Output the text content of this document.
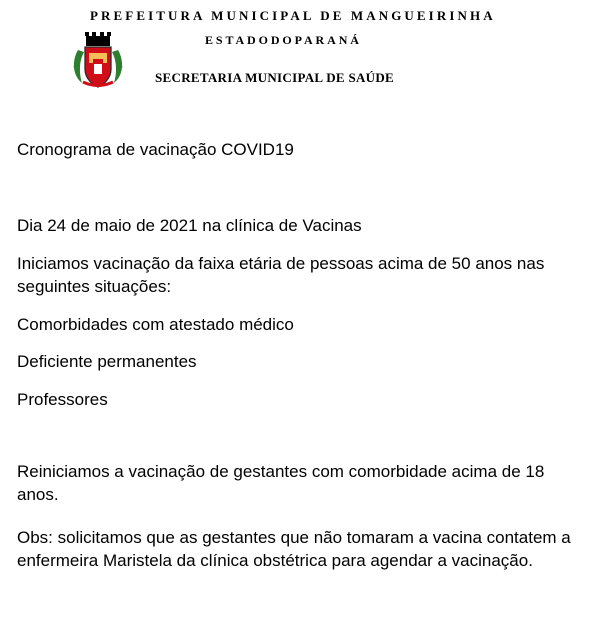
PREFEITURA MUNICIPAL DE MANGUEIRINHA
ESTADODOPARANÁ
SECRETARIA MUNICIPAL DE SAÚDE

Cronograma de vacinação COVID19

Dia 24 de maio de 2021 na clínica de Vacinas

Iniciamos vacinação da faixa etária de pessoas acima de 50 anos nas seguintes situações:

Comorbidades com atestado médico

Deficiente permanentes

Professores

Reiniciamos a vacinação de gestantes com comorbidade acima de 18 anos.

Obs: solicitamos que as gestantes que não tomaram a vacina contatem a enfermeira Maristela da clínica obstétrica para agendar a vacinação.
